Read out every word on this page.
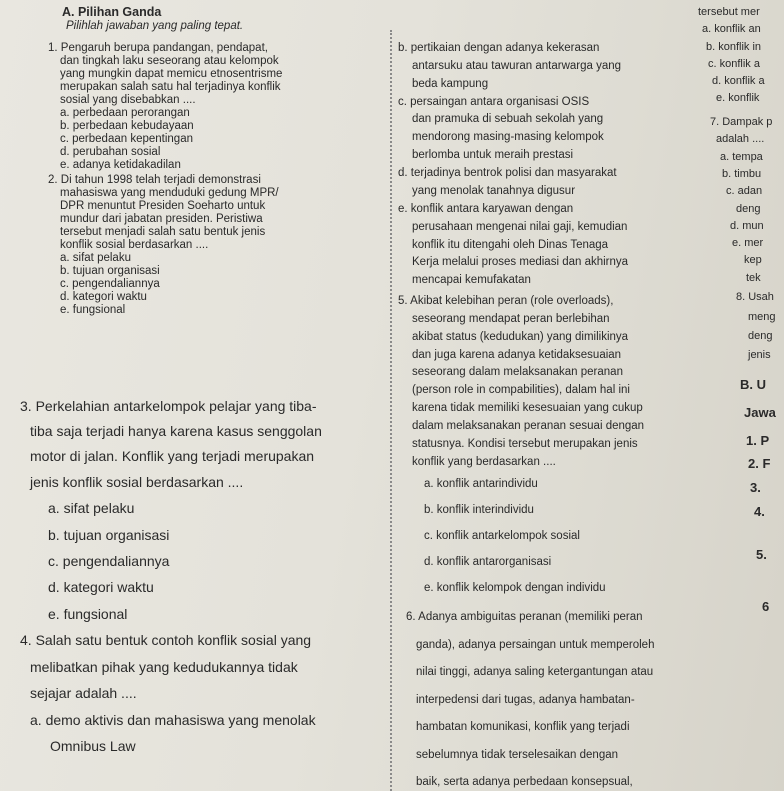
A. Pilihan Ganda
Pilihlah jawaban yang paling tepat.
1. Pengaruh berupa pandangan, pendapat,
dan tingkah laku seseorang atau kelompok
yang mungkin dapat memicu etnosentrisme
merupakan salah satu hal terjadinya konflik
sosial yang disebabkan ....
a. perbedaan perorangan
b. perbedaan kebudayaan
c. perbedaan kepentingan
d. perubahan sosial
e. adanya ketidakadilan
2. Di tahun 1998 telah terjadi demonstrasi
mahasiswa yang menduduki gedung MPR/
DPR menuntut Presiden Soeharto untuk
mundur dari jabatan presiden. Peristiwa
tersebut menjadi salah satu bentuk jenis
konflik sosial berdasarkan ....
a. sifat pelaku
b. tujuan organisasi
c. pengendaliannya
d. kategori waktu
e. fungsional
3. Perkelahian antarkelompok pelajar yang tiba-
tiba saja terjadi hanya karena kasus senggolan
motor di jalan. Konflik yang terjadi merupakan
jenis konflik sosial berdasarkan ....
a. sifat pelaku
b. tujuan organisasi
c. pengendaliannya
d. kategori waktu
e. fungsional
4. Salah satu bentuk contoh konflik sosial yang
melibatkan pihak yang kedudukannya tidak
sejajar adalah ....
a. demo aktivis dan mahasiswa yang menolak
Omnibus Law
b. pertikaian dengan adanya kekerasan
antarsuku atau tawuran antarwarga yang
beda kampung
c. persaingan antara organisasi OSIS
dan pramuka di sebuah sekolah yang
mendorong masing-masing kelompok
berlomba untuk meraih prestasi
d. terjadinya bentrok polisi dan masyarakat
yang menolak tanahnya digusur
e. konflik antara karyawan dengan
perusahaan mengenai nilai gaji, kemudian
konflik itu ditengahi oleh Dinas Tenaga
Kerja melalui proses mediasi dan akhirnya
mencapai kemufakatan
5. Akibat kelebihan peran (role overloads),
seseorang mendapat peran berlebihan
akibat status (kedudukan) yang dimilikinya
dan juga karena adanya ketidaksesuaian
seseorang dalam melaksanakan peranan
(person role in compabilities), dalam hal ini
karena tidak memiliki kesesuaian yang cukup
dalam melaksanakan peranan sesuai dengan
statusnya. Kondisi tersebut merupakan jenis
konflik yang berdasarkan ....
a. konflik antarindividu
b. konflik interindividu
c. konflik antarkelompok sosial
d. konflik antarorganisasi
e. konflik kelompok dengan individu
6. Adanya ambiguitas peranan (memiliki peran
ganda), adanya persaingan untuk memperoleh
nilai tinggi, adanya saling ketergantungan atau
interpedensi dari tugas, adanya hambatan-
hambatan komunikasi, konflik yang terjadi
sebelumnya tidak terselesaikan dengan
baik, serta adanya perbedaan konsepsual,
tersebut mer
a. konflik an
b. konflik in
c. konflik a
d. konflik a
e. konflik
7. Dampak p
adalah ....
a. tempa
b. timbu
c. adan
deng
d. mun
e. mer
kep
tek
8. Usah
meng
deng
jenis
B. U
Jawa
1. P
2. F
3.
4.
5.
6
